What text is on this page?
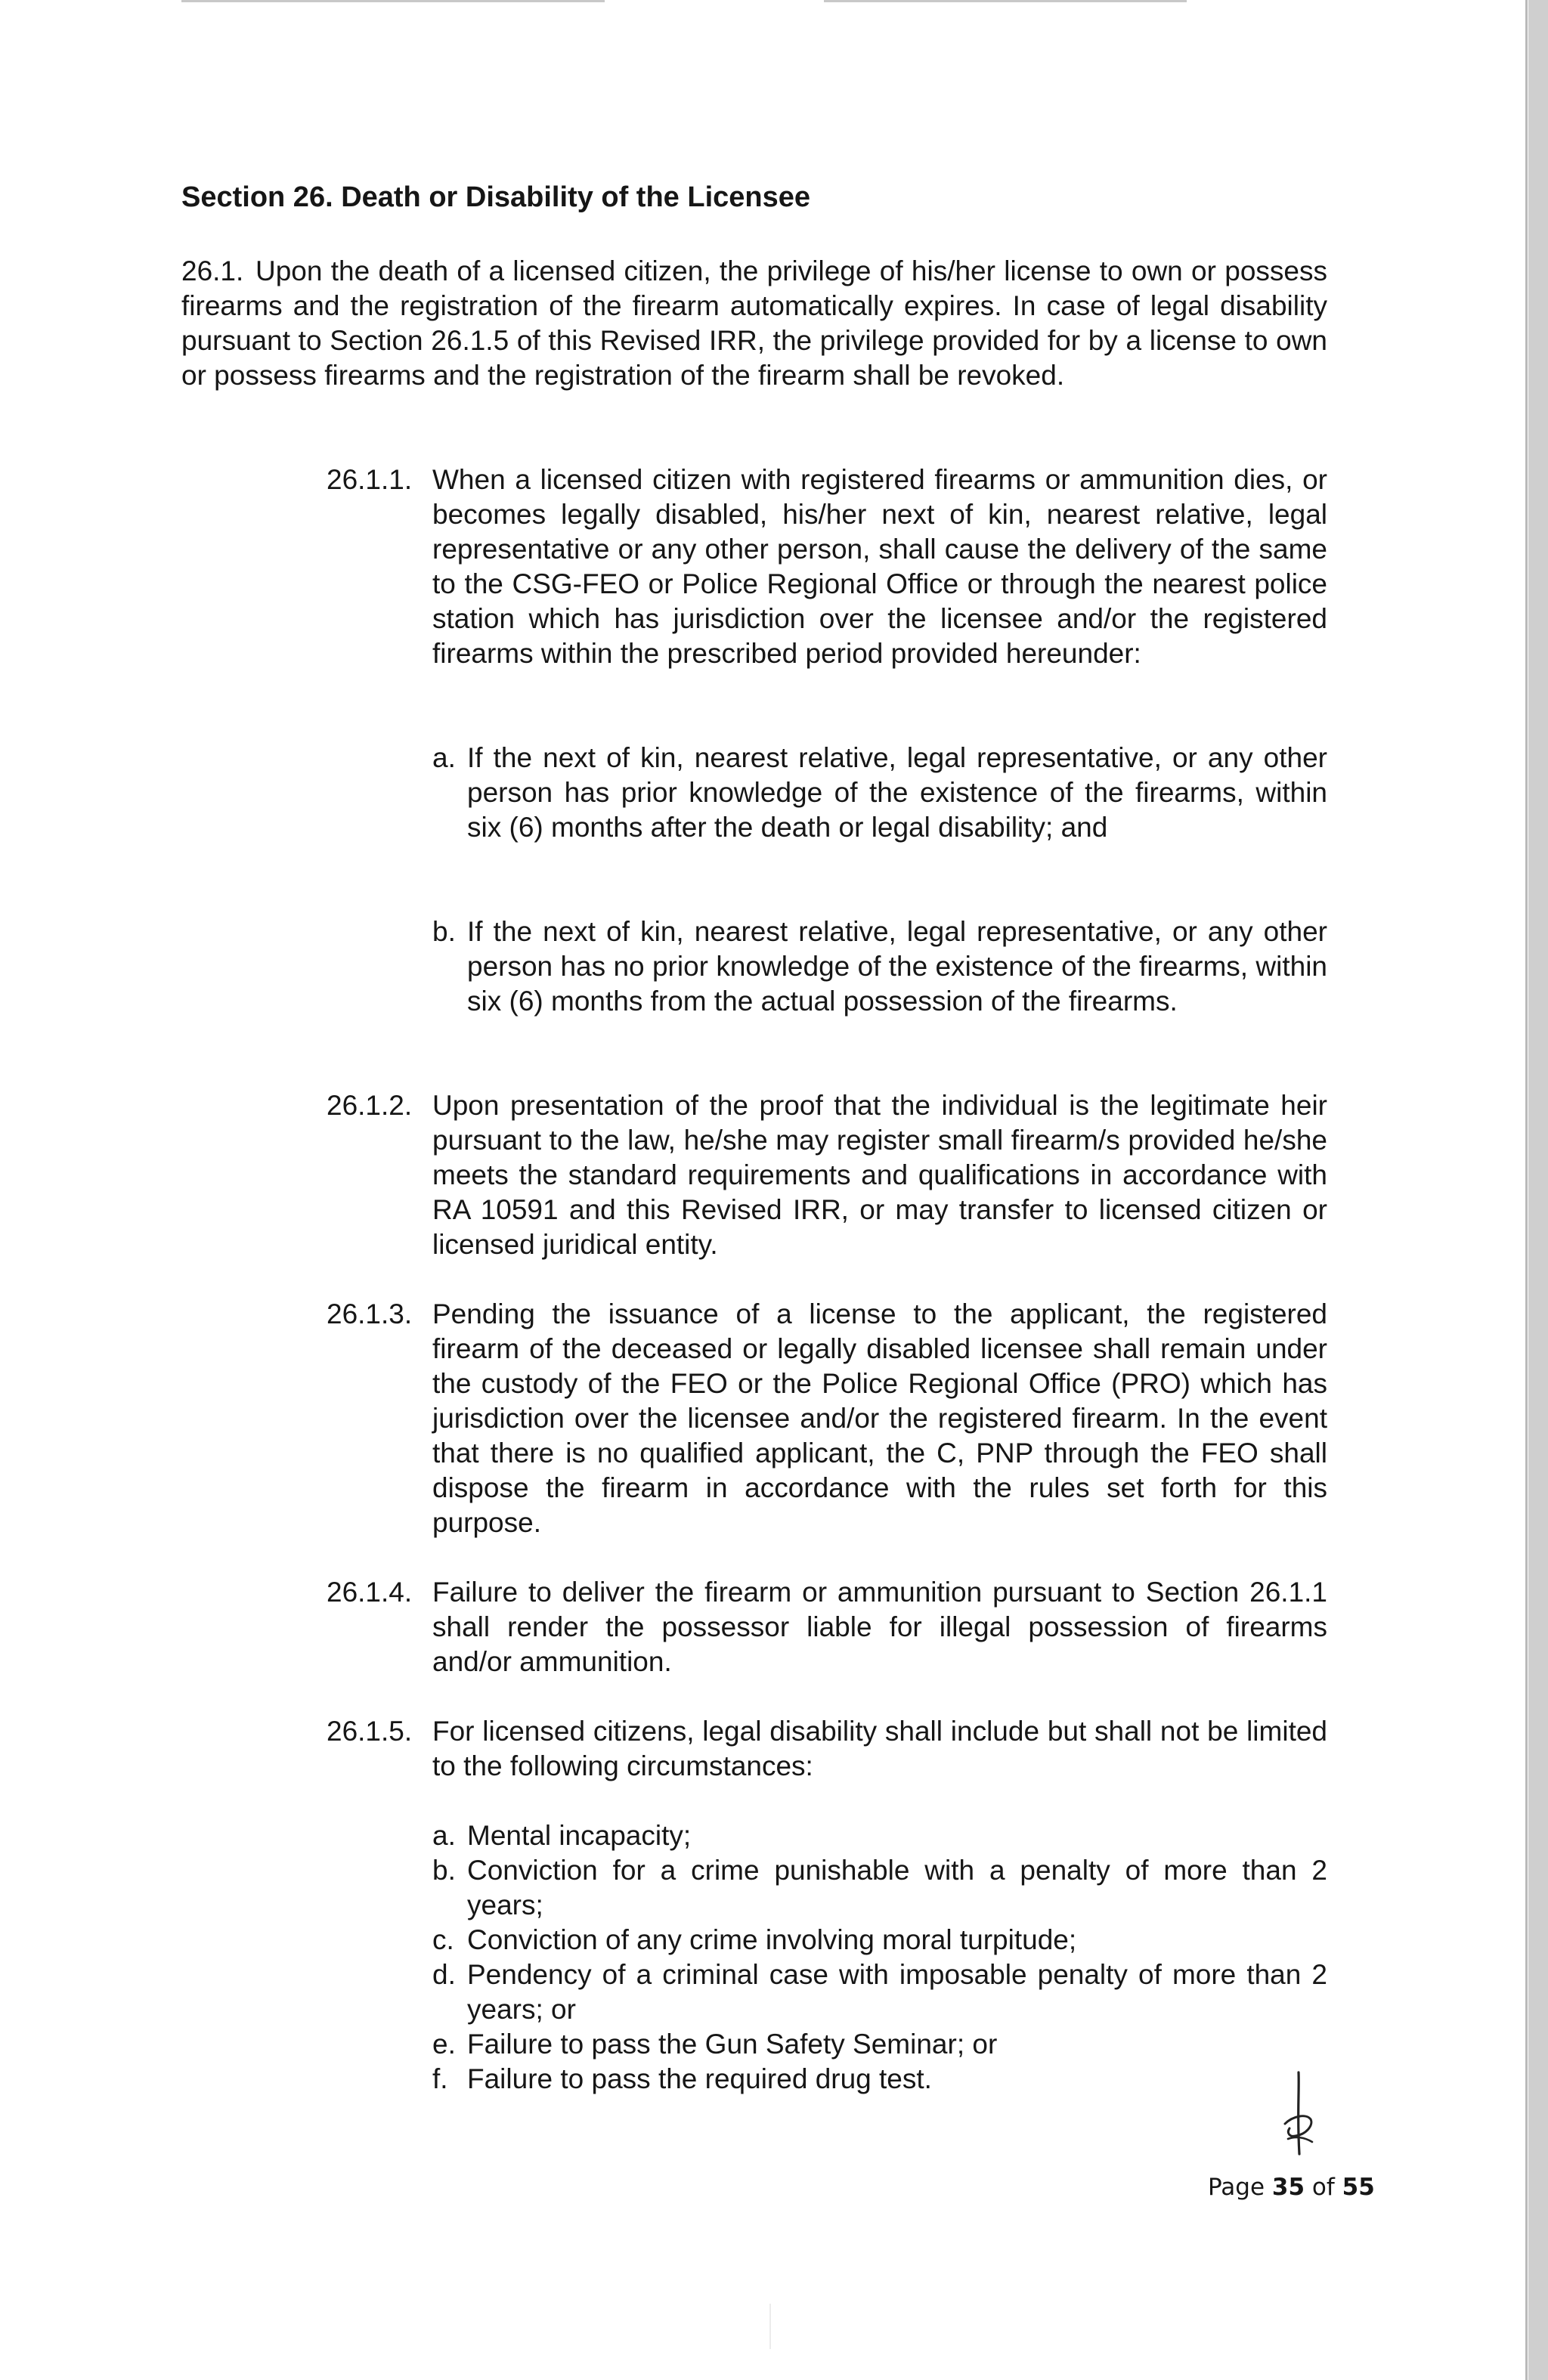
Section 26. Death or Disability of the Licensee
26.1. Upon the death of a licensed citizen, the privilege of his/her license to own or possess firearms and the registration of the firearm automatically expires. In case of legal disability pursuant to Section 26.1.5 of this Revised IRR, the privilege provided for by a license to own or possess firearms and the registration of the firearm shall be revoked.
26.1.1. When a licensed citizen with registered firearms or ammunition dies, or becomes legally disabled, his/her next of kin, nearest relative, legal representative or any other person, shall cause the delivery of the same to the CSG-FEO or Police Regional Office or through the nearest police station which has jurisdiction over the licensee and/or the registered firearms within the prescribed period provided hereunder:
a. If the next of kin, nearest relative, legal representative, or any other person has prior knowledge of the existence of the firearms, within six (6) months after the death or legal disability; and
b. If the next of kin, nearest relative, legal representative, or any other person has no prior knowledge of the existence of the firearms, within six (6) months from the actual possession of the firearms.
26.1.2. Upon presentation of the proof that the individual is the legitimate heir pursuant to the law, he/she may register small firearm/s provided he/she meets the standard requirements and qualifications in accordance with RA 10591 and this Revised IRR, or may transfer to licensed citizen or licensed juridical entity.
26.1.3. Pending the issuance of a license to the applicant, the registered firearm of the deceased or legally disabled licensee shall remain under the custody of the FEO or the Police Regional Office (PRO) which has jurisdiction over the licensee and/or the registered firearm. In the event that there is no qualified applicant, the C, PNP through the FEO shall dispose the firearm in accordance with the rules set forth for this purpose.
26.1.4. Failure to deliver the firearm or ammunition pursuant to Section 26.1.1 shall render the possessor liable for illegal possession of firearms and/or ammunition.
26.1.5. For licensed citizens, legal disability shall include but shall not be limited to the following circumstances:
a. Mental incapacity;
b. Conviction for a crime punishable with a penalty of more than 2 years;
c. Conviction of any crime involving moral turpitude;
d. Pendency of a criminal case with imposable penalty of more than 2 years; or
e. Failure to pass the Gun Safety Seminar; or
f. Failure to pass the required drug test.
Page 35 of 55
